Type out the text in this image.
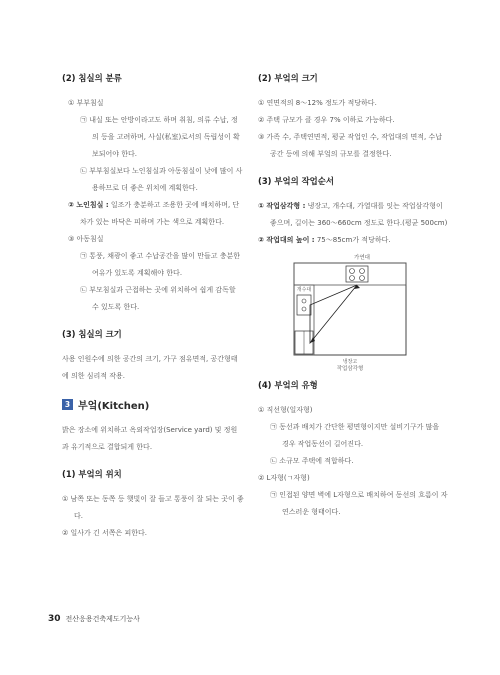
(2) 침실의 분류

① 부부침실

㉠ 내실 또는 안방이라고도 하며 취침, 의류 수납, 정의 등을 고려하며, 사실(私室)로서의 독립성이 확보되어야 한다.

㉡ 부부침실보다 노인침실과 아동침실이 낮에 많이 사용하므로 더 좋은 위치에 계획한다.

② 노인침실 : 일조가 충분하고 조용한 곳에 배치하며, 단차가 있는 바닥은 피하며 가는 색으로 계획한다.

③ 아동침실

㉠ 통풍, 채광이 좋고 수납공간을 많이 만들고 충분한 여유가 있도록 계획해야 한다.

㉡ 부모침실과 근접하는 곳에 위치하여 쉽게 감독할 수 있도록 한다.

(3) 침실의 크기

사용 인원수에 의한 공간의 크기, 가구 점유면적, 공간형태에 의한 심리적 작용.

3 부엌(Kitchen)

밝은 장소에 위치하고 옥외작업장(Service yard) 및 정원과 유기적으로 결합되게 한다.

(1) 부엌의 위치

① 남쪽 또는 동쪽 등 햇빛이 잘 들고 통풍이 잘 되는 곳이 좋다.

② 일사가 긴 서쪽은 피한다.

(2) 부엌의 크기

① 연면적의 8～12% 정도가 적당하다.

② 주택 규모가 클 경우 7% 이하로 가능하다.

③ 가족 수, 주택연면적, 평균 작업인 수, 작업대의 면적, 수납공간 등에 의해 부엌의 규모를 결정한다.

(3) 부엌의 작업순서

① 작업삼각형 : 냉장고, 개수대, 가열대를 잇는 작업삼각형이 좋으며, 길이는 360～660cm 정도로 한다.(평균 500cm)

② 작업대의 높이 : 75～85cm가 적당하다.

가연대
개수대
냉장고
작업삼각형
(4) 부엌의 유형

① 직선형(일자형)

㉠ 동선과 배치가 간단한 평면형이지만 설비기구가 많을 경우 작업동선이 길어진다.

㉡ 소규모 주택에 적합하다.

② L자형(ㄱ자형)

㉠ 인접된 양면 벽에 L자형으로 배치하여 동선의 흐름이 자연스러운 형태이다.

30 전산응용건축제도기능사
